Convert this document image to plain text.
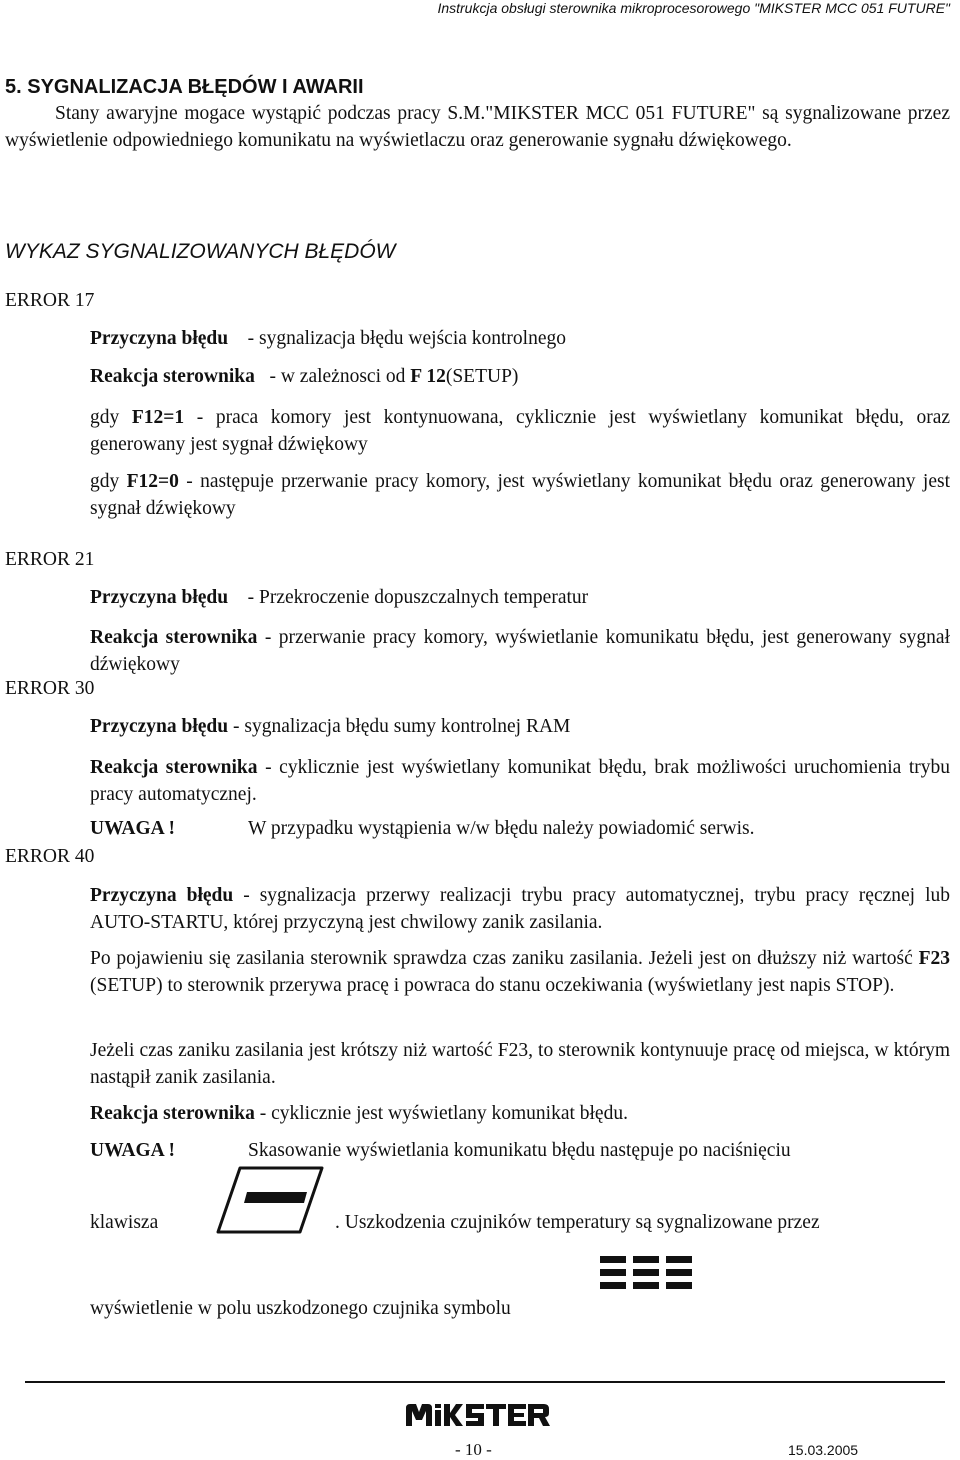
Instrukcja obsługi sterownika mikroprocesorowego "MIKSTER MCC 051 FUTURE"
5. SYGNALIZACJA BŁĘDÓW I AWARII
Stany awaryjne mogace wystąpić podczas pracy S.M."MIKSTER MCC 051 FUTURE" są sygnalizowane przez wyświetlenie odpowiedniego komunikatu na wyświetlaczu oraz generowanie sygnału dźwiękowego.
WYKAZ SYGNALIZOWANYCH BŁĘDÓW
ERROR 17
Przyczyna błędu - sygnalizacja błędu wejścia kontrolnego
Reakcja sterownika - w zależnosci od F 12(SETUP)
gdy F12=1 - praca komory jest kontynuowana, cyklicznie jest wyświetlany komunikat błędu, oraz generowany jest sygnał dźwiękowy
gdy F12=0 - następuje przerwanie pracy komory, jest wyświetlany komunikat błędu oraz generowany jest sygnał dźwiękowy
ERROR 21
Przyczyna błędu - Przekroczenie dopuszczalnych temperatur
Reakcja sterownika - przerwanie pracy komory, wyświetlanie komunikatu błędu, jest generowany sygnał dźwiękowy
ERROR 30
Przyczyna błędu - sygnalizacja błędu sumy kontrolnej RAM
Reakcja sterownika - cyklicznie jest wyświetlany komunikat błędu, brak możliwości uruchomienia trybu pracy automatycznej.
UWAGA !	W przypadku wystąpienia w/w błędu należy powiadomić serwis.
ERROR 40
Przyczyna błędu - sygnalizacja przerwy realizacji trybu pracy automatycznej, trybu pracy ręcznej lub AUTO-STARTU, której przyczyną jest chwilowy zanik zasilania.
Po pojawieniu się zasilania sterownik sprawdza czas zaniku zasilania. Jeżeli jest on dłuższy niż wartość F23 (SETUP) to sterownik przerywa pracę i powraca do stanu oczekiwania (wyświetlany jest napis STOP).
Jeżeli czas zaniku zasilania jest krótszy niż wartość F23, to sterownik kontynuuje pracę od miejsca, w którym nastąpił zanik zasilania.
Reakcja sterownika - cyklicznie jest wyświetlany komunikat błędu.
UWAGA !	Skasowanie wyświetlania komunikatu błędu następuje po naciśnięciu
klawisza	. Uszkodzenia czujników temperatury są sygnalizowane przez
wyświetlenie w polu uszkodzonego czujnika symbolu
- 10 -	15.03.2005
